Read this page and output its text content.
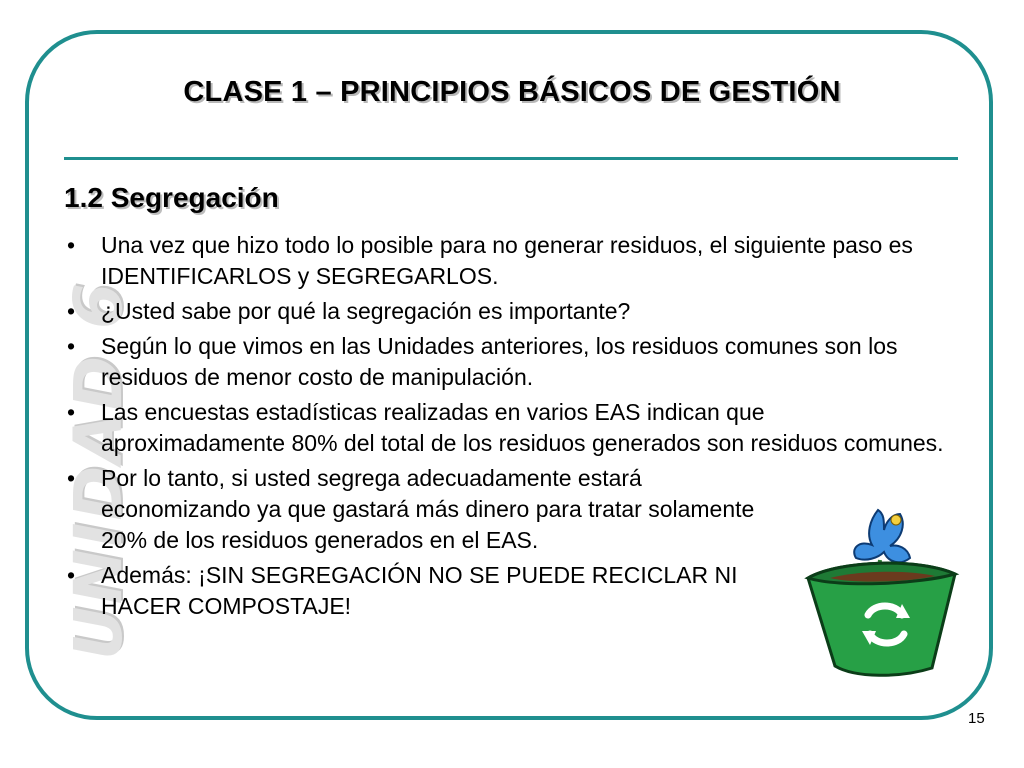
CLASE 1 – PRINCIPIOS BÁSICOS DE GESTIÓN
UNIDAD 6
1.2 Segregación
• Una vez que hizo todo lo posible para no generar residuos, el siguiente paso es IDENTIFICARLOS y SEGREGARLOS.
• ¿Usted sabe por qué la segregación es importante?
• Según lo que vimos en las Unidades anteriores, los residuos comunes son los residuos de menor costo de manipulación.
• Las encuestas estadísticas realizadas en varios EAS indican que aproximadamente 80% del total de los residuos generados son residuos comunes.
• Por lo tanto, si usted segrega adecuadamente estará economizando ya que gastará más dinero para tratar solamente 20% de los residuos generados en el EAS.
• Además: ¡SIN SEGREGACIÓN NO SE PUEDE RECICLAR NI HACER COMPOSTAJE!
15
